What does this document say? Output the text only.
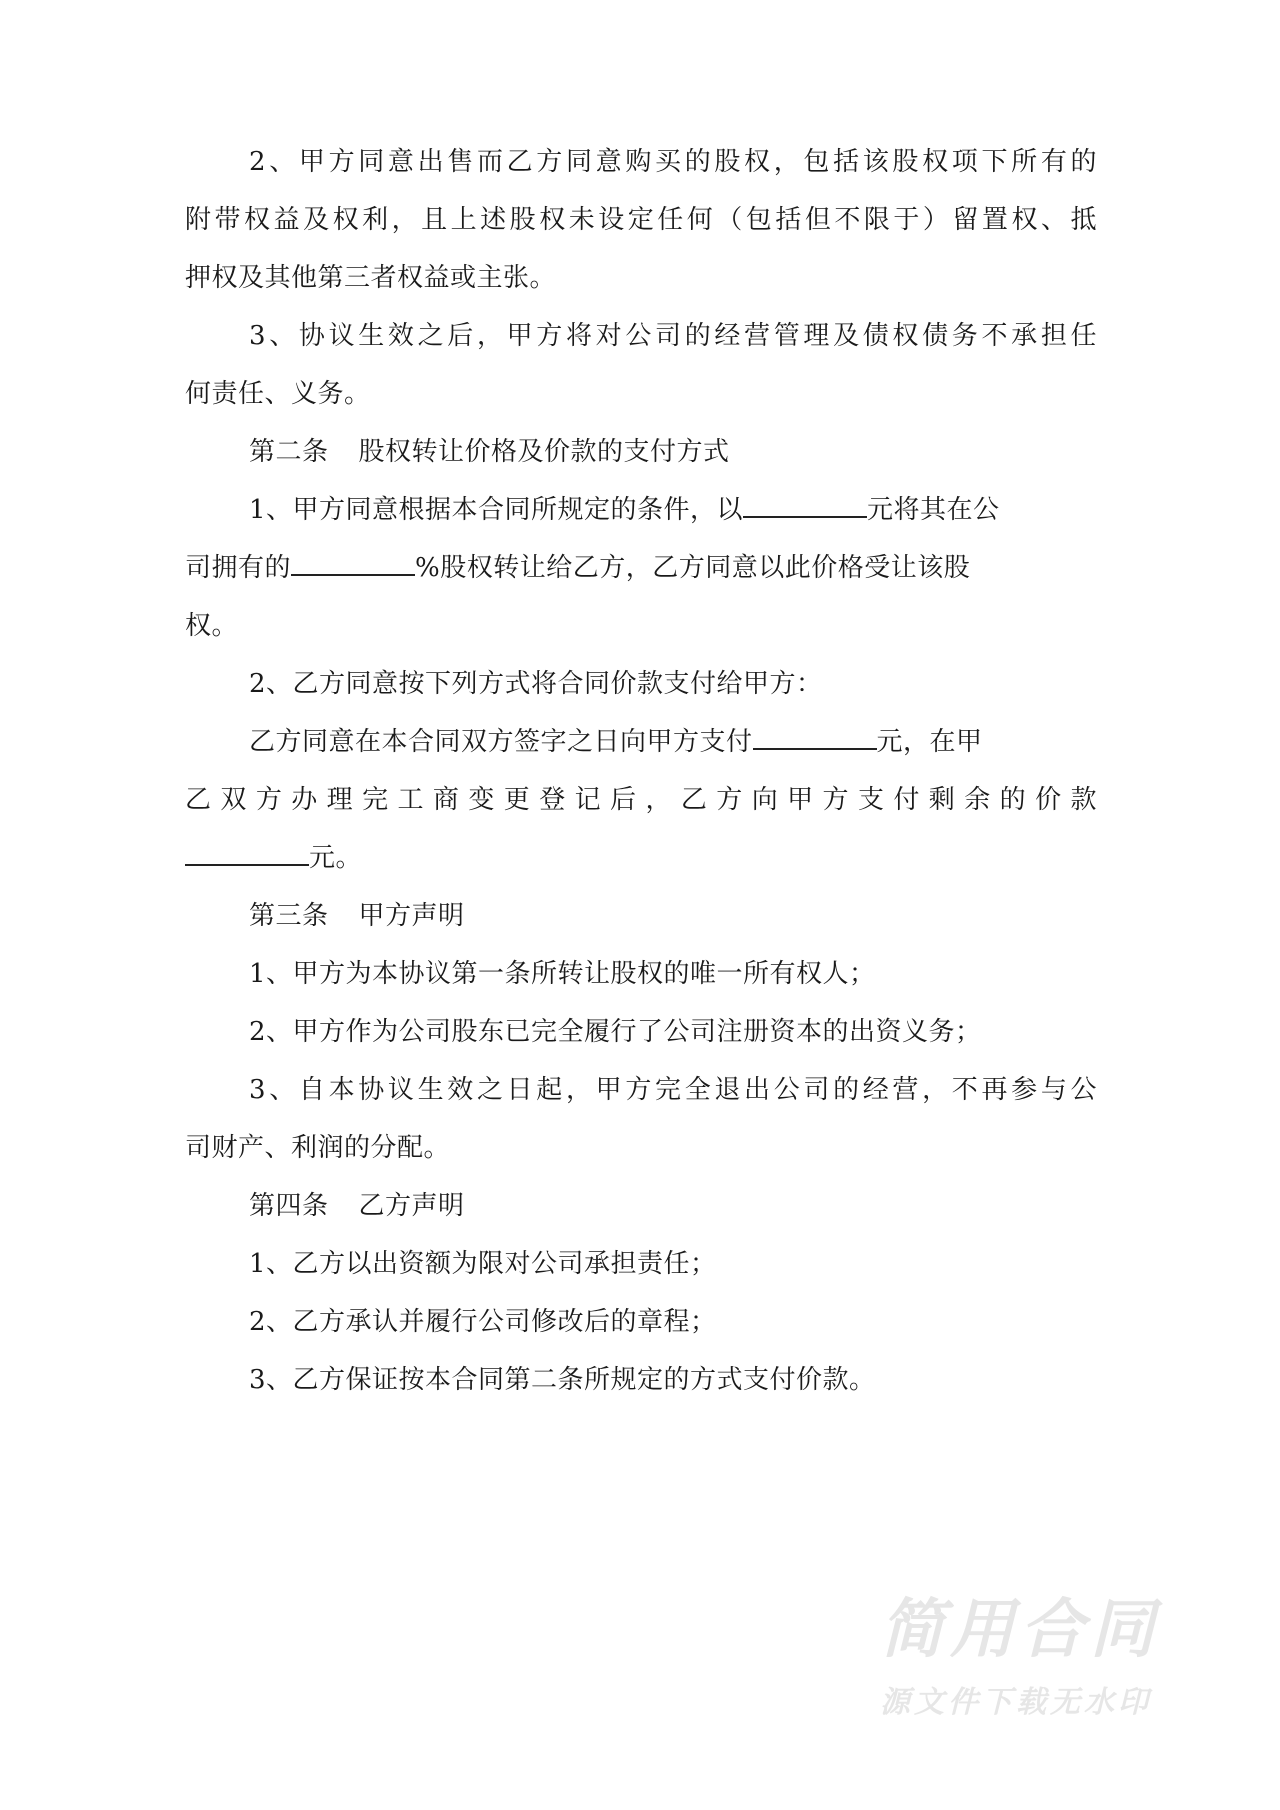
2、甲方同意出售而乙方同意购买的股权，包括该股权项下所有的
附带权益及权利，且上述股权未设定任何（包括但不限于）留置权、抵
押权及其他第三者权益或主张。
3、协议生效之后，甲方将对公司的经营管理及债权债务不承担任
何责任、义务。
第二条 股权转让价格及价款的支付方式
1、甲方同意根据本合同所规定的条件，以	元将其在公
司拥有的	%股权转让给乙方，乙方同意以此价格受让该股
权。
2、乙方同意按下列方式将合同价款支付给甲方：
乙方同意在本合同双方签字之日向甲方支付	元，在甲
乙双方办理完工商变更登记后，乙方向甲方支付剩余的价款
元。
第三条 甲方声明
1、甲方为本协议第一条所转让股权的唯一所有权人；
2、甲方作为公司股东已完全履行了公司注册资本的出资义务；
3、自本协议生效之日起，甲方完全退出公司的经营，不再参与公
司财产、利润的分配。
第四条 乙方声明
1、乙方以出资额为限对公司承担责任；
2、乙方承认并履行公司修改后的章程；
3、乙方保证按本合同第二条所规定的方式支付价款。
简用合同
源文件下载无水印
